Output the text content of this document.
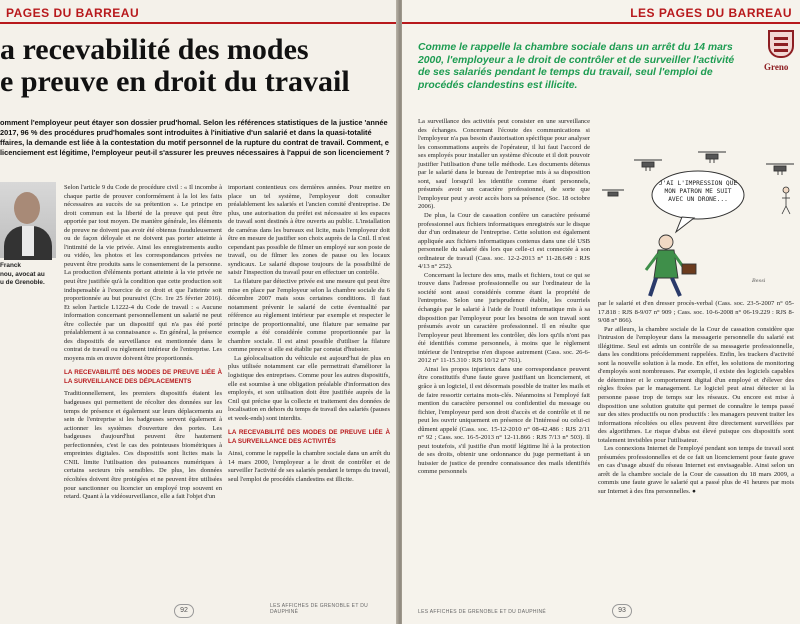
PAGES DU BARREAU
a recevabilité des modes
e preuve en droit du travail
omment l'employeur peut étayer son dossier prud'homal. Selon les références statistiques de la justice 'année 2017, 96 % des procédures prud'homales sont introduites à l'initiative d'un salarié et dans la quasi-totalité ffaires, la demande est liée à la contestation du motif personnel de la rupture du contrat de travail. Comment, e licenciement est légitime, l'employeur peut-il s'assurer les preuves nécessaires à l'appui de son licenciement ?
Franck
nou, avocat au
u de Grenoble.

Selon l'article 9 du Code de procédure civil : « Il incombe à chaque partie de prouver conformément à la loi les faits nécessaires au succès de sa prétention ». Le principe en droit commun est la liberté de la preuve qui peut être apportée par tout moyen. De manière générale, les éléments de preuve ne doivent pas avoir été obtenus frauduleusement ou de façon déloyale et ne doivent pas porter atteinte à l'intimité de la vie privée. Ainsi les enregistrements audio ou vidéo, les photos et les correspondances privées ne peuvent être produits sans le consentement de la personne. La production d'éléments portant atteinte à la vie privée ne peut être justifiée qu'à la condition que cette production soit indispensable à l'exercice de ce droit et que l'atteinte soit proportionnée au but poursuivi (Civ. 1re 25 février 2016). Et selon l'article L1222-4 du Code de travail : « Aucune information concernant personnellement un salarié ne peut être collectée par un dispositif qui n'a pas été porté préalablement à sa connaissance ». En général, la présence des dispositifs de surveillance est mentionnée dans le contrat de travail ou règlement intérieur de l'entreprise. Les moyens mis en œuvre doivent être proportionnés.

LA RECEVABILITÉ DES MODES DE PREUVE LIÉE À LA SURVEILLANCE DES DÉPLACEMENTS

Traditionnellement, les premiers dispositifs étaient les badgeuses qui permettent de récolter des données sur les temps de présence et également sur leurs déplacements au sein de l'entreprise si les badgeuses servent également à actionner les systèmes d'ouverture des portes. Les badgeuses d'aujourd'hui peuvent être hautement perfectionnées, c'est le cas des pointeuses biométriques à empreintes digitales. Ces dispositifs sont licites mais la CNIL limite l'utilisation des puissances numériques à certains secteurs très sensibles. De plus, les données récoltées doivent être protégées et ne peuvent être utilisées pour sanctionner ou licencier un employé trop souvent en retard. Quant à la vidéosurveillance, elle a fait l'objet d'un

important contentieux ces dernières années. Pour mettre en place un tel système, l'employeur doit consulter préalablement les salariés et l'ancien comité d'entreprise. De plus, une autorisation du préfet est nécessaire si les espaces de travail sont destinés à être ouverts au public. L'installation de caméras dans les bureaux est licite, mais l'employeur doit être en mesure de justifier son choix auprès de la Cnil. Il n'est cependant pas possible de filmer un employé sur son poste de travail, ou de filmer les zones de pause ou les locaux syndicaux. Le salarié dispose toujours de la possibilité de saisir l'inspection du travail pour en effectuer un contrôle.

La filature par détective privée est une mesure qui peut être mise en place par l'employeur selon la chambre sociale du 6 décembre 2007 mais sous certaines conditions. Il faut notamment prévenir le salarié de cette éventualité par référence au règlement intérieur par exemple et respecter le principe de proportionnalité, une filature par semaine par exemple a été considérée comme proportionnée par la chambre sociale. Il est ainsi possible d'utiliser la filature comme preuve si elle est établie par constat d'huissier.

La géolocalisation du véhicule est aujourd'hui de plus en plus utilisée notamment car elle permettrait d'améliorer la logistique des entreprises. Comme pour les autres dispositifs, elle est soumise à une obligation préalable d'information des employés, et son utilisation doit être justifiée auprès de la Cnil qui précise que la collecte et traitement des données de localisation en dehors du temps de travail des salariés (pauses et week-ends) sont interdits.

LA RECEVABILITÉ DES MODES DE PREUVE LIÉE À LA SURVEILLANCE DES ACTIVITÉS

Ainsi, comme le rappelle la chambre sociale dans un arrêt du 14 mars 2000, l'employeur a le droit de contrôler et de surveiller l'activité de ses salariés pendant le temps du travail, seul l'emploi de procédés clandestins est illicite.

92
LES AFFICHES DE GRENOBLE ET DU DAUPHINÉ
LES PAGES DU BARREAU
Comme le rappelle la chambre sociale dans un arrêt du 14 mars 2000, l'employeur a le droit de contrôler et de surveiller l'activité de ses salariés pendant le temps du travail, seul l'emploi de procédés clandestins est illicite.
Greno

La surveillance des activités peut consister en une surveillance des échanges. Concernant l'écoute des communications si l'employeur n'a pas besoin d'autorisation spécifique pour analyser les consommations auprès de l'opérateur, il lui faut l'accord de ses employés pour installer un système d'écoute et il doit pouvoir justifier l'utilisation d'une telle méthode. Les documents détenus par le salarié dans le bureau de l'entreprise mis à sa disposition sont, sauf lorsqu'il les identifie comme étant personnels, présumés avoir un caractère professionnel, de sorte que l'employeur peut y avoir accès hors sa présence (Soc. 18 octobre 2006).

De plus, la Cour de cassation confère un caractère présumé professionnel aux fichiers informatiques enregistrés sur le disque dur d'un ordinateur de l'entreprise. Cette solution est également appliquée aux fichiers informatiques contenus dans une clé USB personnelle du salarié dès lors que celle-ci est connectée à son ordinateur de travail (Cass. soc. 12-2-2013 n° 11-28.649 : RJS 4/13 n° 252).

Concernant la lecture des sms, mails et fichiers, tout ce qui se trouve dans l'adresse professionnelle ou sur l'ordinateur de la société sont aussi considérés comme étant la propriété de l'entreprise. Selon une jurisprudence établie, les courriels échangés par le salarié à l'aide de l'outil informatique mis à sa disposition par l'employeur pour les besoins de son travail sont présumés avoir un caractère professionnel. Il en résulte que l'employeur peut librement les contrôler, dès lors qu'ils n'ont pas été identifiés comme personnels, à moins que le règlement intérieur de l'entreprise n'en dispose autrement (Cass. soc. 26-6-2012 n° 11-15.310 : RJS 10/12 n° 761).

Ainsi les propos injurieux dans une correspondance peuvent être constitutifs d'une faute grave justifiant un licenciement, et grâce à un logiciel, il est désormais possible de traiter les mails et de faire ressortir certains mots-clés. Néanmoins si l'employé fait mention du caractère personnel ou confidentiel du message ou fichier, l'employeur perd son droit d'accès et de contrôle et il ne peut les ouvrir uniquement en présence de l'intéressé ou celui-ci dûment appelé (Cass. soc. 15-12-2010 n° 08-42.486 : RJS 2/11 n° 92 ; Cass. soc. 16-5-2013 n° 12-11.866 : RJS 7/13 n° 503). Il peut toutefois, s'il justifie d'un motif légitime lié à la protection de ses droits, obtenir une ordonnance du juge permettant à un huissier de justice de prendre connaissance des mails identifiés comme personnels

J'AI L'IMPRESSION QUE MON PATRON ME SUIT AVEC UN DRONE...
Bessi

par le salarié et d'en dresser procès-verbal (Cass. soc. 23-5-2007 n° 05-17.818 : RJS 8-9/07 n° 909 ; Cass. soc. 10-6-2008 n° 06-19.229 : RJS 8-9/08 n° 866).

Par ailleurs, la chambre sociale de la Cour de cassation considère que l'intrusion de l'employeur dans la messagerie personnelle du salarié est illégitime. Seul est admis un contrôle de sa messagerie professionnelle, dans les conditions précédemment rappelées. Enfin, les trackers d'activité sont la nouvelle solution à la mode. En effet, les solutions de monitoring d'employés sont nombreuses. Par exemple, il existe des logiciels capables de déterminer et le comportement digital d'un employé et d'élever des règles fixées par le management. Le logiciel peut ainsi détecter si la personne passe trop de temps sur les réseaux. Ou encore est mise à disposition une solution gratuite qui permet de connaître le temps passé sur des sites productifs ou non productifs : les managers peuvent traiter les informations récoltées ou elles peuvent être directement surveillées par des algorithmes. Le risque d'abus est élevé puisque ces dispositifs sont totalement invisibles pour l'utilisateur.

Les connexions Internet de l'employé pendant son temps de travail sont présumées professionnelles et de ce fait un licenciement pour faute grave en cas d'usage abusif du réseau Internet est envisageable. Ainsi selon un arrêt de la chambre sociale de la Cour de cassation du 18 mars 2009, a commis une faute grave le salarié qui a passé plus de 41 heures par mois sur Internet à des fins personnelles. ●

LES AFFICHES DE GRENOBLE ET DU DAUPHINÉ	93
